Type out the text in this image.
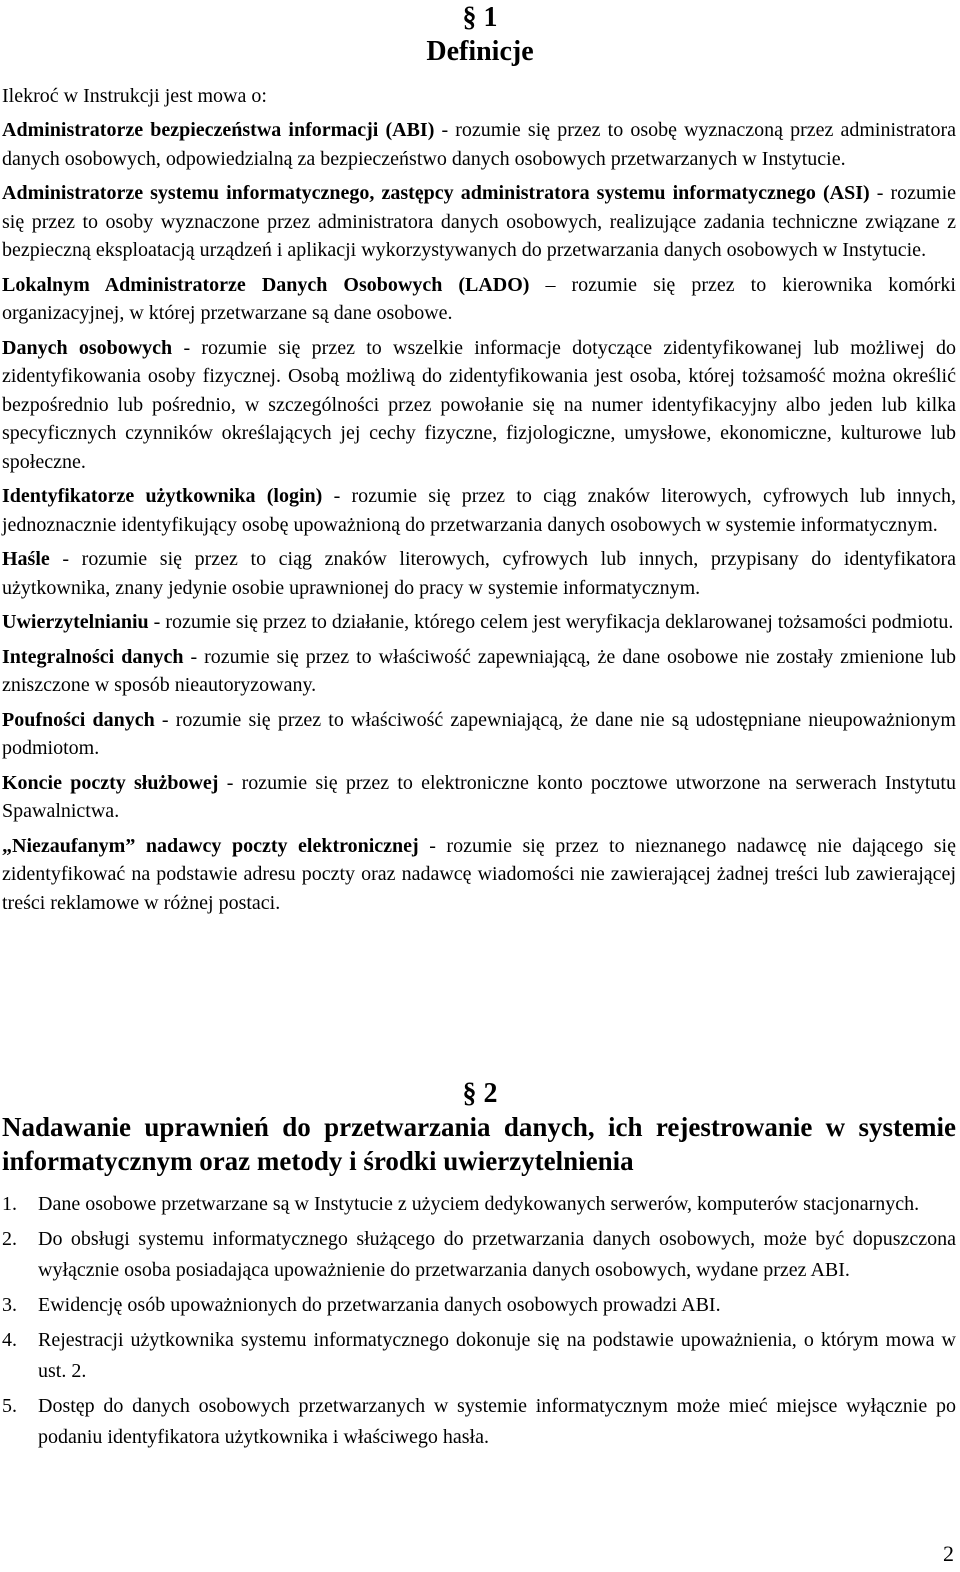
§ 1
Definicje
Ilekroć w Instrukcji jest mowa o:

Administratorze bezpieczeństwa informacji (ABI) - rozumie się przez to osobę wyznaczoną przez administratora danych osobowych, odpowiedzialną za bezpieczeństwo danych osobowych przetwarzanych w Instytucie.

Administratorze systemu informatycznego, zastępcy administratora systemu informatycznego (ASI) - rozumie się przez to osoby wyznaczone przez administratora danych osobowych, realizujące zadania techniczne związane z bezpieczną eksploatacją urządzeń i aplikacji wykorzystywanych do przetwarzania danych osobowych w Instytucie.

Lokalnym Administratorze Danych Osobowych (LADO) – rozumie się przez to kierownika komórki organizacyjnej, w której przetwarzane są dane osobowe.

Danych osobowych - rozumie się przez to wszelkie informacje dotyczące zidentyfikowanej lub możliwej do zidentyfikowania osoby fizycznej. Osobą możliwą do zidentyfikowania jest osoba, której tożsamość można określić bezpośrednio lub pośrednio, w szczególności przez powołanie się na numer identyfikacyjny albo jeden lub kilka specyficznych czynników określających jej cechy fizyczne, fizjologiczne, umysłowe, ekonomiczne, kulturowe lub społeczne.

Identyfikatorze użytkownika (login) - rozumie się przez to ciąg znaków literowych, cyfrowych lub innych, jednoznacznie identyfikujący osobę upoważnioną do przetwarzania danych osobowych w systemie informatycznym.

Haśle - rozumie się przez to ciąg znaków literowych, cyfrowych lub innych, przypisany do identyfikatora użytkownika, znany jedynie osobie uprawnionej do pracy w systemie informatycznym.

Uwierzytelnianiu - rozumie się przez to działanie, którego celem jest weryfikacja deklarowanej tożsamości podmiotu.

Integralności danych - rozumie się przez to właściwość zapewniającą, że dane osobowe nie zostały zmienione lub zniszczone w sposób nieautoryzowany.

Poufności danych - rozumie się przez to właściwość zapewniającą, że dane nie są udostępniane nieupoważnionym podmiotom.

Koncie poczty służbowej - rozumie się przez to elektroniczne konto pocztowe utworzone na serwerach Instytutu Spawalnictwa.

„Niezaufanym” nadawcy poczty elektronicznej - rozumie się przez to nieznanego nadawcę nie dającego się zidentyfikować na podstawie adresu poczty oraz nadawcę wiadomości nie zawierającej żadnej treści lub zawierającej treści reklamowe w różnej postaci.

§ 2
Nadawanie uprawnień do przetwarzania danych, ich rejestrowanie w systemie informatycznym oraz metody i środki uwierzytelnienia
1.	Dane osobowe przetwarzane są w Instytucie z użyciem dedykowanych serwerów, komputerów stacjonarnych.
2.	Do obsługi systemu informatycznego służącego do przetwarzania danych osobowych, może być dopuszczona wyłącznie osoba posiadająca upoważnienie do przetwarzania danych osobowych, wydane przez ABI.
3.	Ewidencję osób upoważnionych do przetwarzania danych osobowych prowadzi ABI.
4.	Rejestracji użytkownika systemu informatycznego dokonuje się na podstawie upoważnienia, o którym mowa w ust. 2.
5.	Dostęp do danych osobowych przetwarzanych w systemie informatycznym może mieć miejsce wyłącznie po podaniu identyfikatora użytkownika i właściwego hasła.
2
